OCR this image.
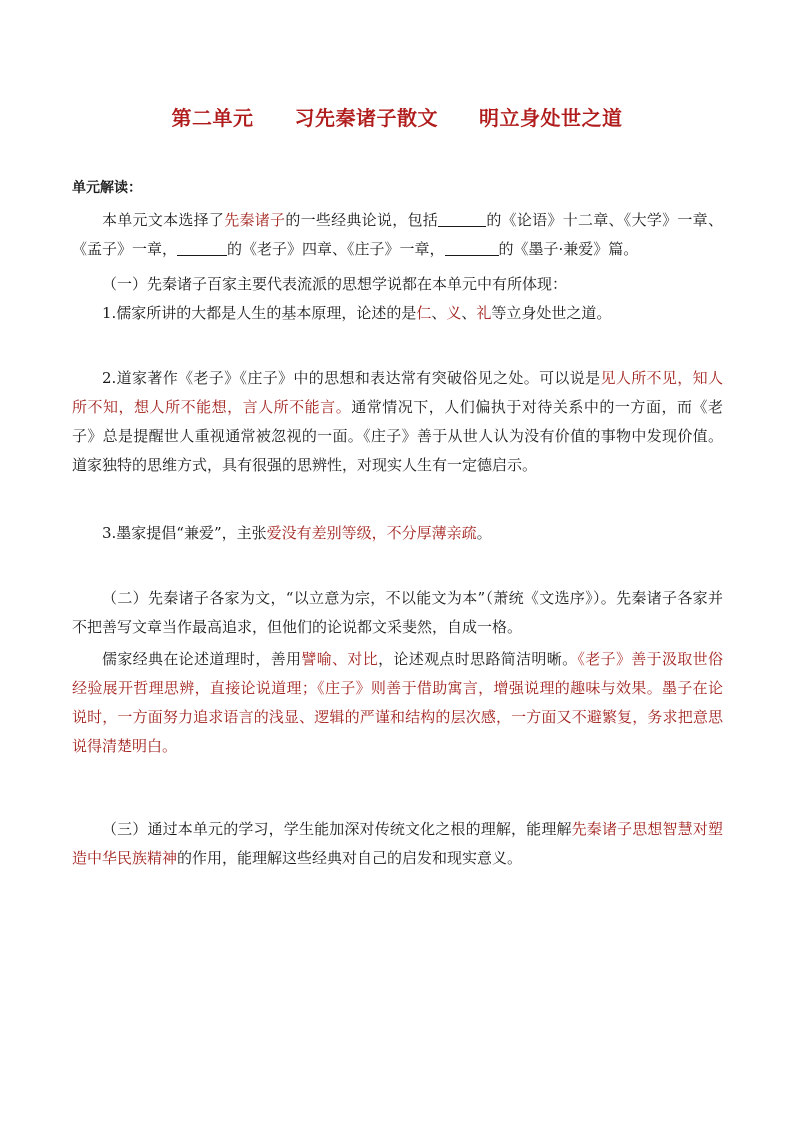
第二单元　　习先秦诸子散文　　明立身处世之道
单元解读：
本单元文本选择了先秦诸子的一些经典论说，包括	的《论语》十二章、《大学》一章、《孟子》一章，	的《老子》四章、《庄子》一章，	的《墨子·兼爱》篇。
（一）先秦诸子百家主要代表流派的思想学说都在本单元中有所体现：
1.儒家所讲的大都是人生的基本原理，论述的是仁、义、礼等立身处世之道。
2.道家著作《老子》《庄子》中的思想和表达常有突破俗见之处。可以说是见人所不见，知人所不知，想人所不能想，言人所不能言。通常情况下，人们偏执于对待关系中的一方面，而《老子》总是提醒世人重视通常被忽视的一面。《庄子》善于从世人认为没有价值的事物中发现价值。道家独特的思维方式，具有很强的思辨性，对现实人生有一定德启示。
3.墨家提倡“兼爱”，主张爱没有差别等级，不分厚薄亲疏。
（二）先秦诸子各家为文，“以立意为宗，不以能文为本”（萧统《文选序》）。先秦诸子各家并不把善写文章当作最高追求，但他们的论说都文采斐然，自成一格。
儒家经典在论述道理时，善用譬喻、对比，论述观点时思路简洁明晰。《老子》善于汲取世俗经验展开哲理思辨，直接论说道理；《庄子》则善于借助寓言，增强说理的趣味与效果。墨子在论说时，一方面努力追求语言的浅显、逻辑的严谨和结构的层次感，一方面又不避繁复，务求把意思说得清楚明白。
（三）通过本单元的学习，学生能加深对传统文化之根的理解，能理解先秦诸子思想智慧对塑造中华民族精神的作用，能理解这些经典对自己的启发和现实意义。
